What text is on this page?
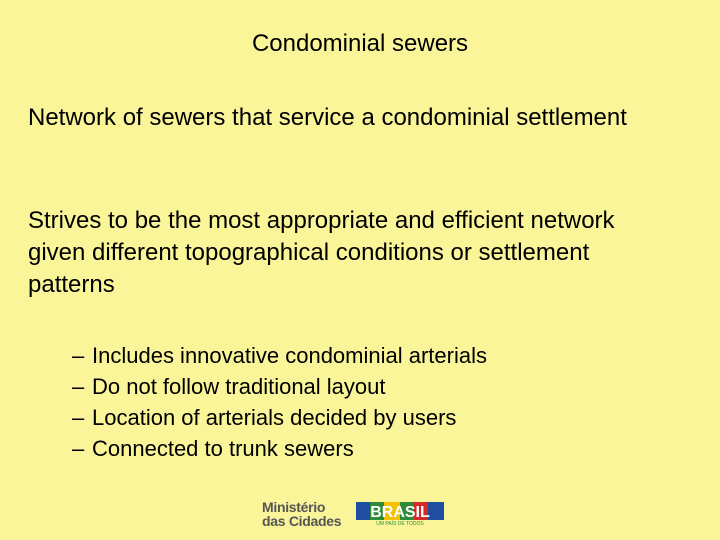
Condominial sewers
Network of sewers that service a condominial settlement
Strives to be the most appropriate and efficient network given different topographical conditions or settlement patterns
– Includes innovative condominial arterials
– Do not follow traditional layout
– Location of arterials decided by users
– Connected to trunk sewers
Ministério
das Cidades BRASIL
UM PAÍS DE TODOS
